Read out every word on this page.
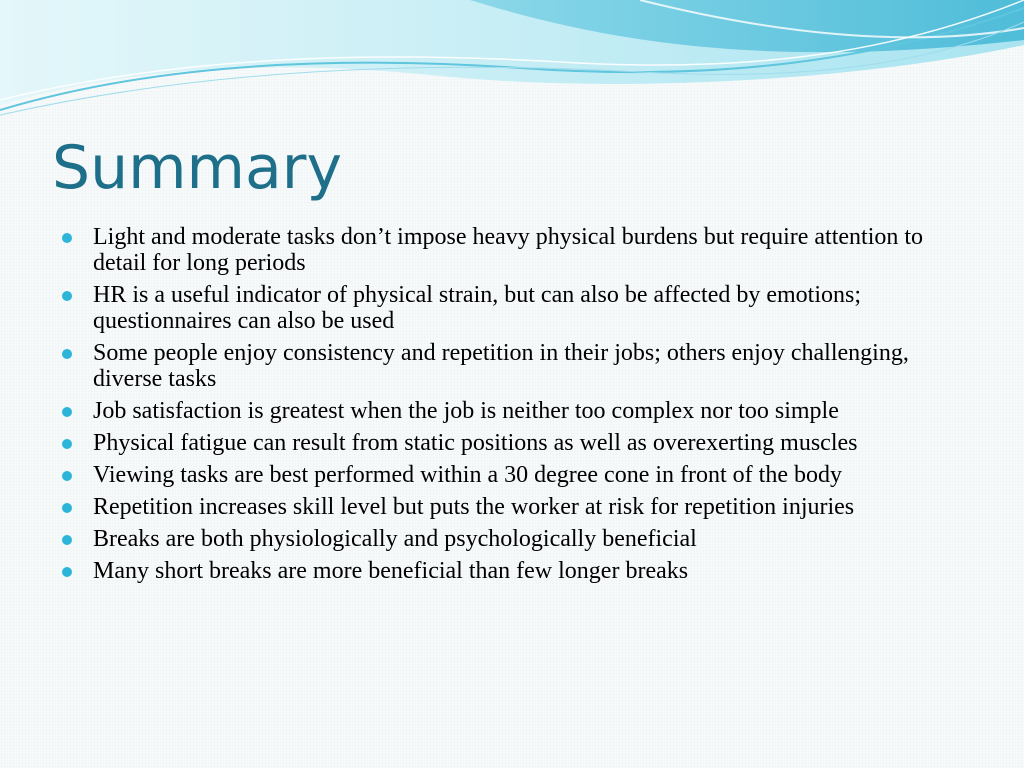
Summary
Light and moderate tasks don’t impose heavy physical burdens but require attention to detail for long periods
HR is a useful indicator of physical strain, but can also be affected by emotions; questionnaires can also be used
Some people enjoy consistency and repetition in their jobs; others enjoy challenging, diverse tasks
Job satisfaction is greatest when the job is neither too complex nor too simple
Physical fatigue can result from static positions as well as overexerting muscles
Viewing tasks are best performed within a 30 degree cone in front of the body
Repetition increases skill level but puts the worker at risk for repetition injuries
Breaks are both physiologically and psychologically beneficial
Many short breaks are more beneficial than few longer breaks
